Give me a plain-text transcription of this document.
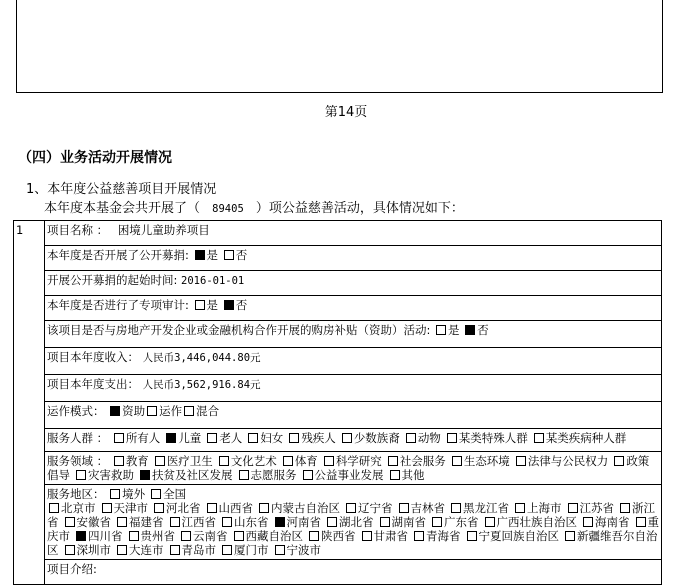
第14页
（四）业务活动开展情况
1、本年度公益慈善项目开展情况
本年度本基金会共开展了（ 89405 ）项公益慈善活动，具体情况如下：
1	项目名称 ： 困境儿童助养项目
本年度是否开展了公开募捐: 是 否
开展公开募捐的起始时间: 2016-01-01
本年度是否进行了专项审计: 是 否
该项目是否与房地产开发企业或金融机构合作开展的购房补贴（资助）活动: 是 否
项目本年度收入： 人民币3,446,044.80元
项目本年度支出： 人民币3,562,916.84元
运作模式： 资助 运作 混合
服务人群 ： 所有人 儿童 老人 妇女 残疾人 少数族裔 动物 某类特殊人群 某类疾病种人群
服务领域 ： 教育 医疗卫生 文化艺术 体育 科学研究 社会服务 生态环境 法律与公民权力 政策倡导 灾害救助 扶贫及社区发展 志愿服务 公益事业发展 其他
服务地区： 境外 全国
北京市 天津市 河北省 山西省 内蒙古自治区 辽宁省 吉林省 黑龙江省 上海市 江苏省 浙江省 安徽省 福建省 江西省 山东省 河南省 湖北省 湖南省 广东省 广西壮族自治区 海南省 重庆市 四川省 贵州省 云南省 西藏自治区 陕西省 甘肃省 青海省 宁夏回族自治区 新疆维吾尔自治区 深圳市 大连市 青岛市 厦门市 宁波市
项目介绍:
